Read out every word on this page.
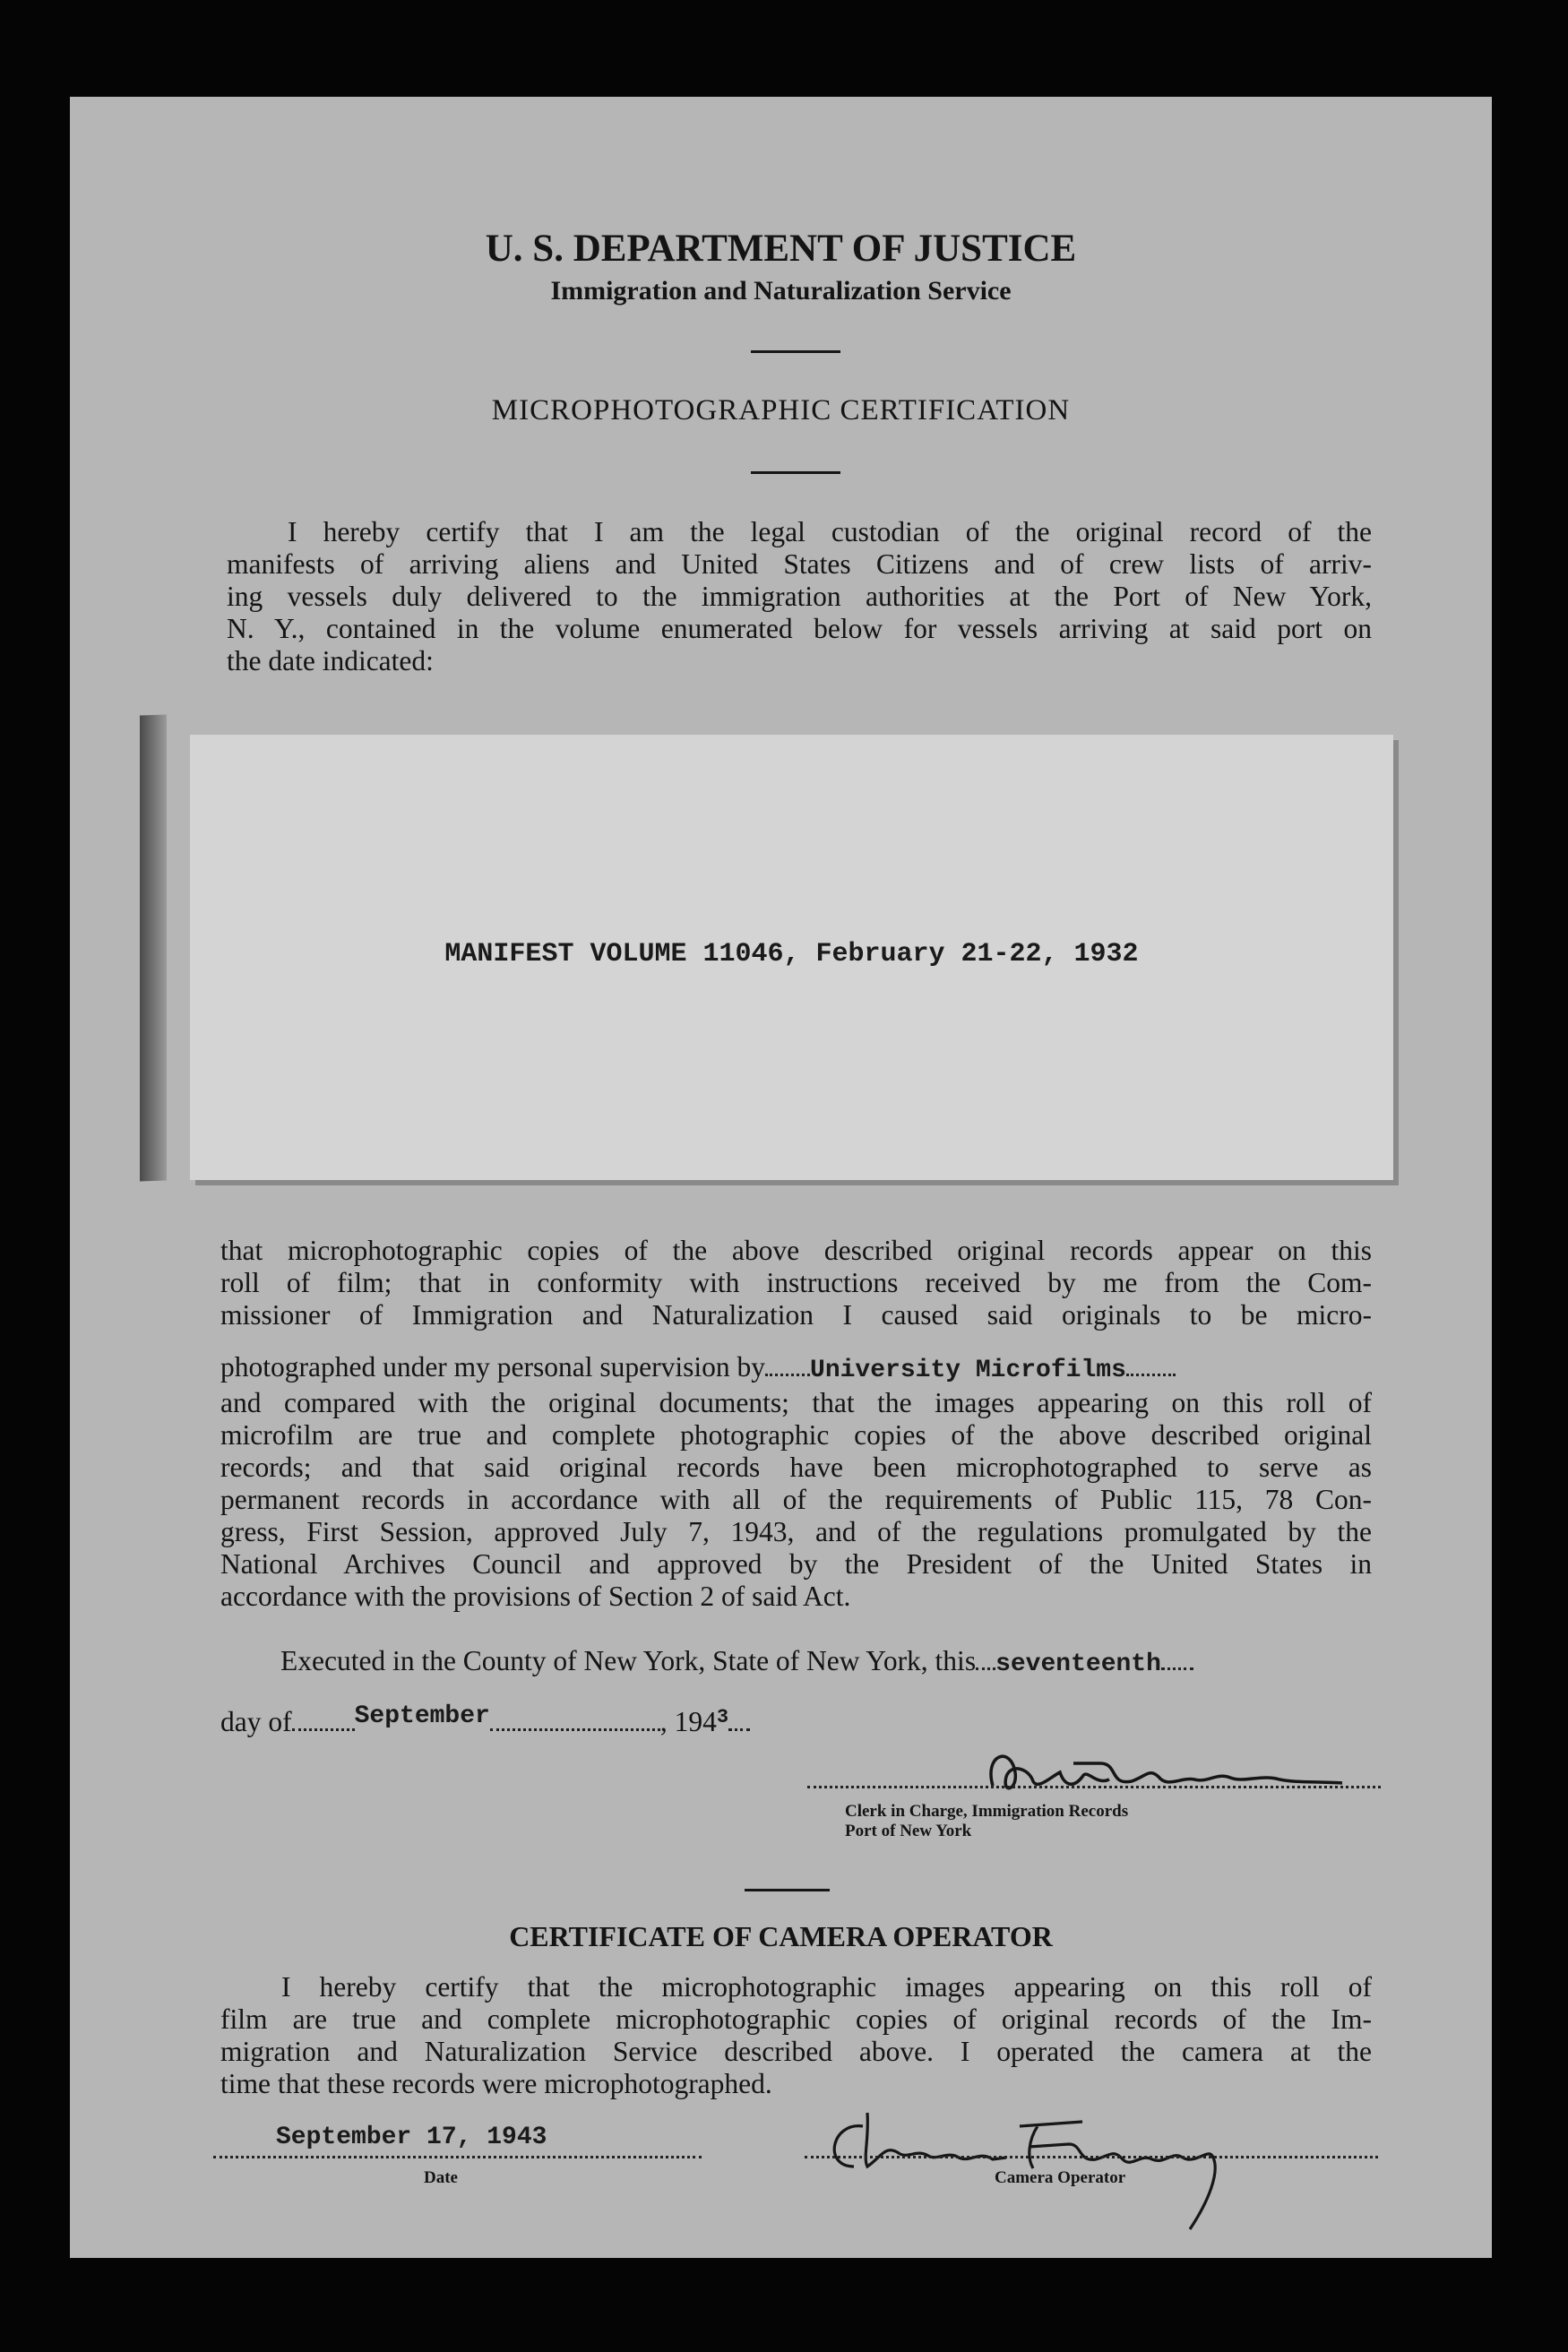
U. S. DEPARTMENT OF JUSTICE
Immigration and Naturalization Service
MICROPHOTOGRAPHIC CERTIFICATION
I hereby certify that I am the legal custodian of the original record of the
manifests of arriving aliens and United States Citizens and of crew lists of arriv-
ing vessels duly delivered to the immigration authorities at the Port of New York,
N. Y., contained in the volume enumerated below for vessels arriving at said port on
the date indicated:
MANIFEST VOLUME 11046, February 21-22, 1932
that microphotographic copies of the above described original records appear on this
roll of film; that in conformity with instructions received by me from the Com-
missioner of Immigration and Naturalization I caused said originals to be micro-
photographed under my personal supervision by University Microfilms
and compared with the original documents; that the images appearing on this roll of
microfilm are true and complete photographic copies of the above described original
records; and that said original records have been microphotographed to serve as
permanent records in accordance with all of the requirements of Public 115, 78 Con-
gress, First Session, approved July 7, 1943, and of the regulations promulgated by the
National Archives Council and approved by the President of the United States in
accordance with the provisions of Section 2 of said Act.
Executed in the County of New York, State of New York, this seventeenth
day of	September	, $194^3$
Clerk in Charge, Immigration Records
Port of New York
CERTIFICATE OF CAMERA OPERATOR
I hereby certify that the microphotographic images appearing on this roll of
film are true and complete microphotographic copies of original records of the Im-
migration and Naturalization Service described above. I operated the camera at the
time that these records were microphotographed.
September 17, 1943
Date	Camera Operator
